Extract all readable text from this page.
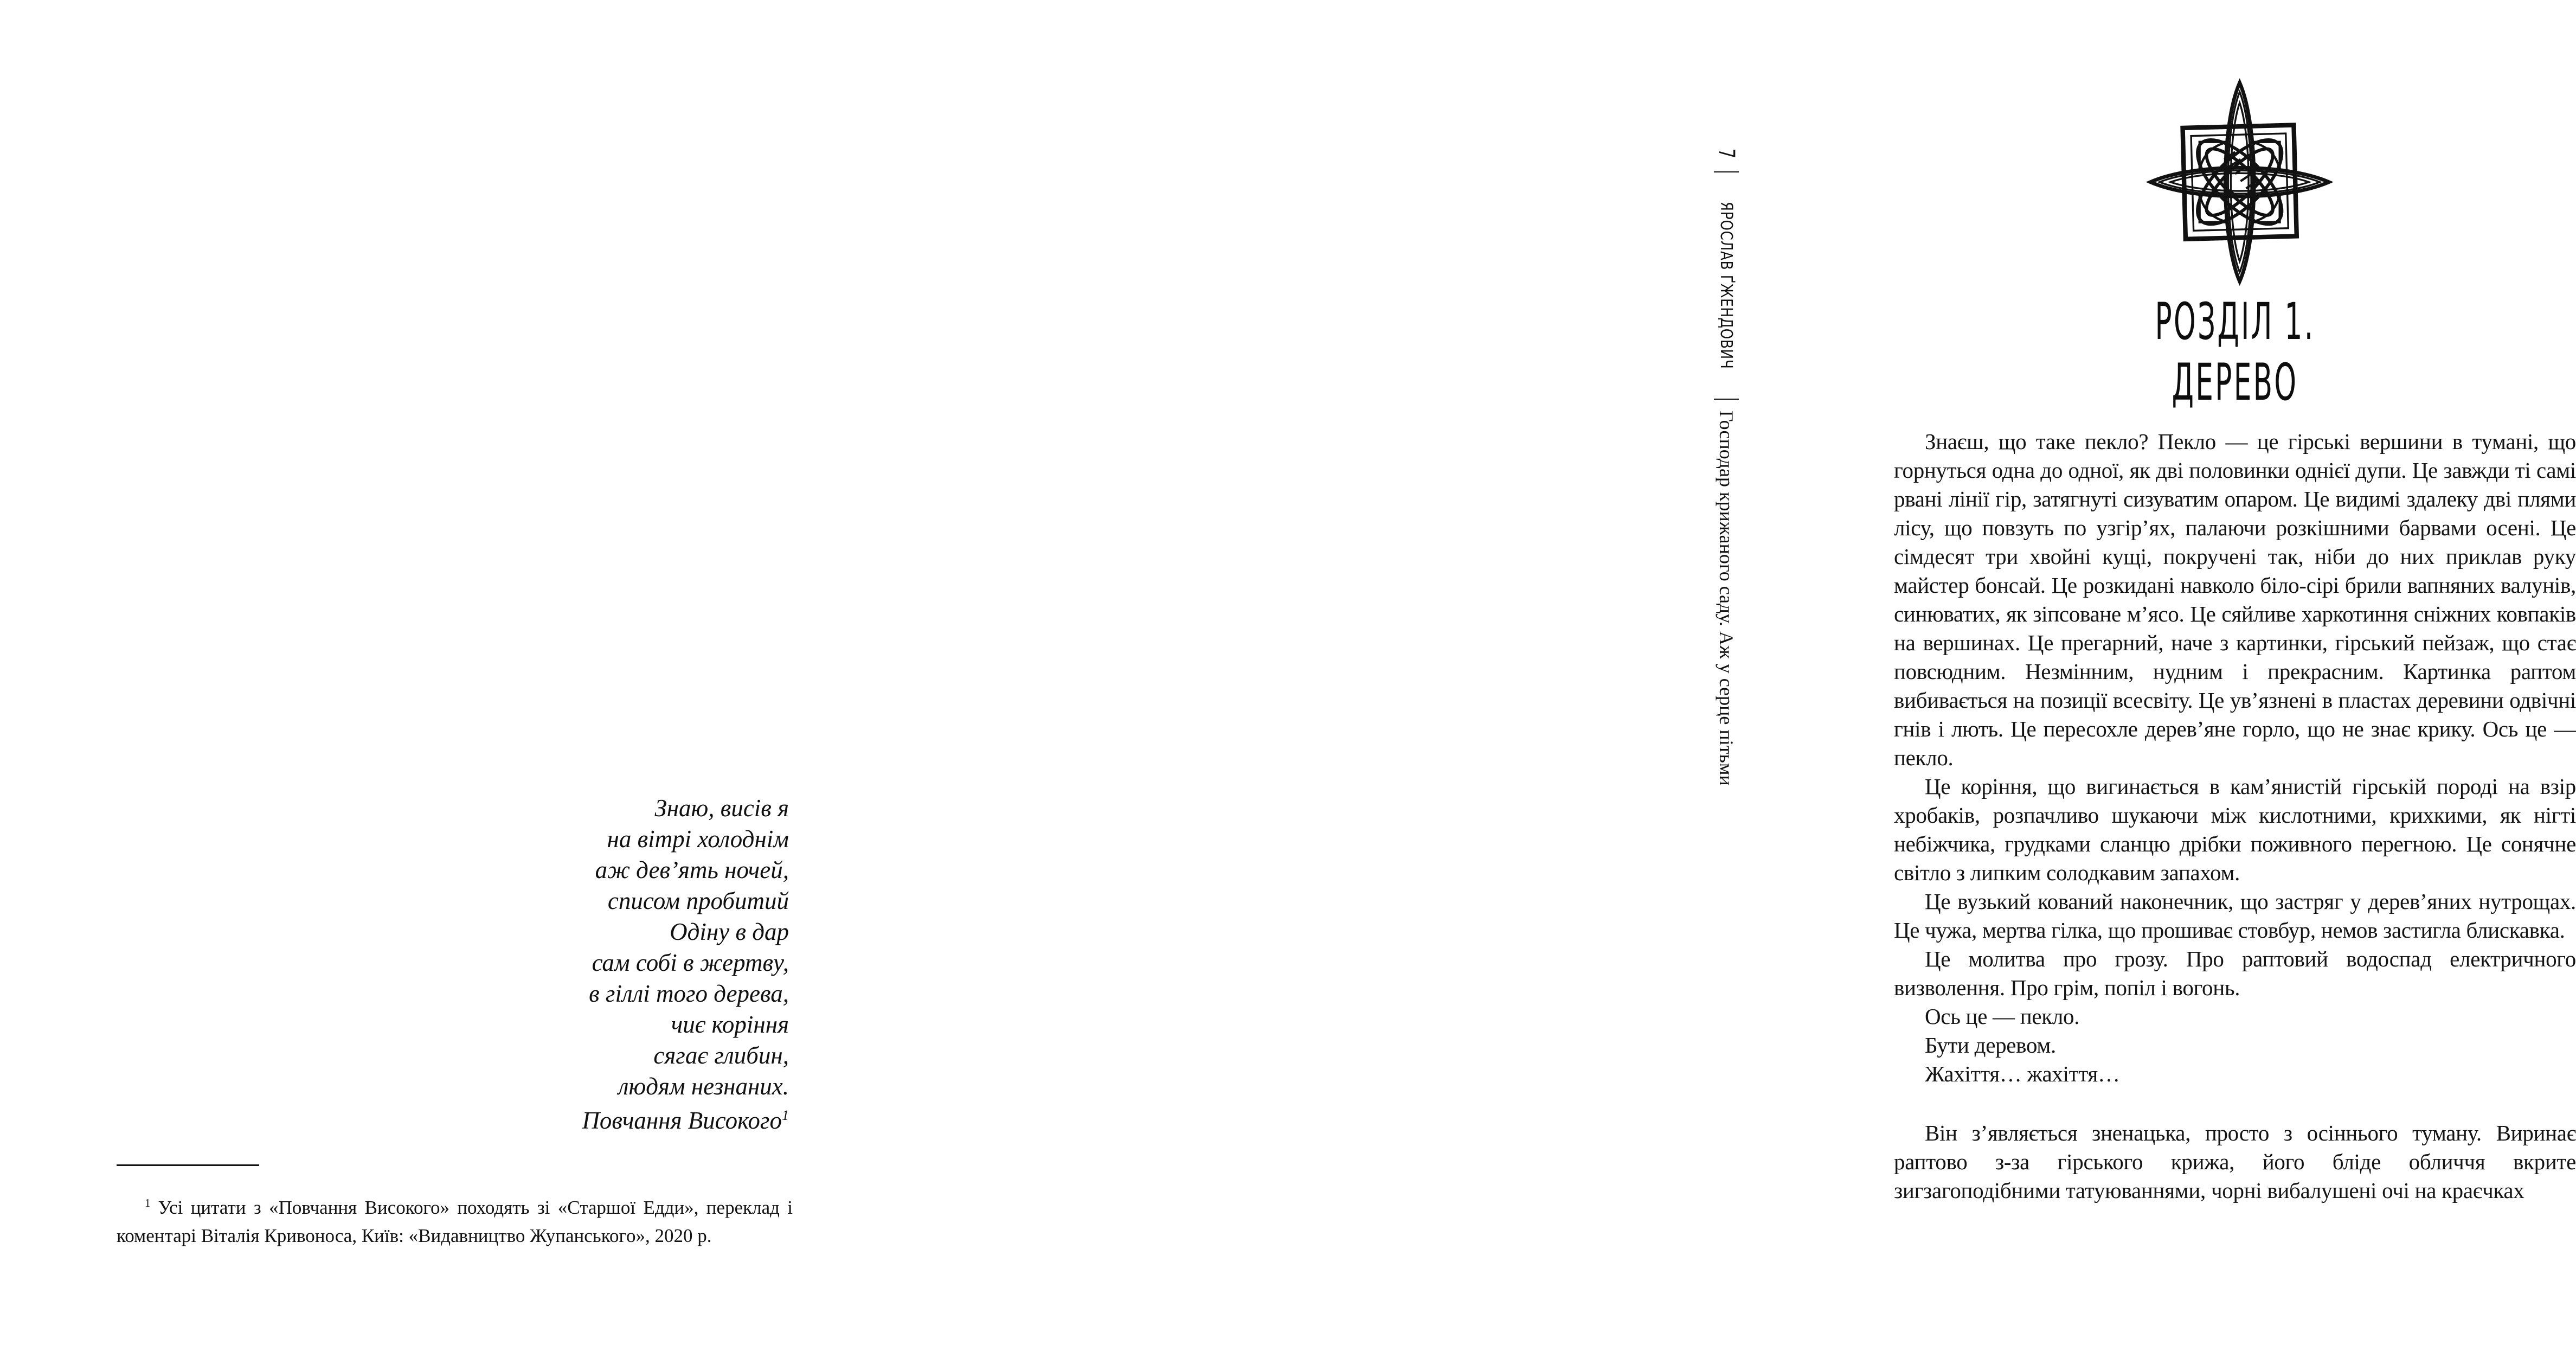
Знаю, висів я
на вітрі холоднім
аж дев’ять ночей,
списом пробитий
Одіну в дар
сам собі в жертву,
в гіллі того дерева,
чиє коріння
сягає глибин,
людям незнаних.
Повчання Високого$^1$

$^1$ Усі цитати з «Повчання Високого» походять зі «Старшої Едди», переклад і коментарі Віталія Кривоноса, Київ: «Видавництво Жупанського», 2020 р.

РОЗДІЛ 1.
ДЕРЕВО
Знаєш, що таке пекло? Пекло — це гірські вершини в тумані, що горнуться одна до одної, як дві половинки однієї дупи. Це завжди ті самі рвані лінії гір, затягнуті сизуватим опаром. Це видимі здалеку дві плями лісу, що повзуть по узгір’ях, палаючи розкішними барвами осені. Це сімдесят три хвойні кущі, покручені так, ніби до них приклав руку майстер бонсай. Це розкидані навколо біло-сірі брили вапняних валунів, синюватих, як зіпсоване м’ясо. Це сяйливе харкотиння сніжних ковпаків на вершинах. Це прегарний, наче з картинки, гірський пейзаж, що стає повсюдним. Незмінним, нудним і прекрасним. Картинка раптом вибивається на позиції всесвіту. Це ув’язнені в пластах деревини одвічні гнів і лють. Це пересохле дерев’яне горло, що не знає крику. Ось це — пекло.
Це коріння, що вигинається в кам’янистій гірській породі на взір хробаків, розпачливо шукаючи між кислотними, крихкими, як нігті небіжчика, грудками сланцю дрібки поживного перегною. Це сонячне світло з липким солодкавим запахом.
Це вузький кований наконечник, що застряг у дерев’яних нутрощах. Це чужа, мертва гілка, що прошиває стовбур, немов застигла блискавка.
Це молитва про грозу. Про раптовий водоспад електричного визволення. Про грім, попіл і вогонь.
Ось це — пекло.
Бути деревом.
Жахіття… жахіття…
Він з’являється зненацька, просто з осіннього туману. Виринає раптово з-за гірського крижа, його бліде обличчя вкрите зигзагоподібними татуюваннями, чорні вибалушені очі на краєчках
7
ЯРОСЛАВ ҐЖЕНДОВИЧ
Господар крижаного саду. Аж у серце пітьми
